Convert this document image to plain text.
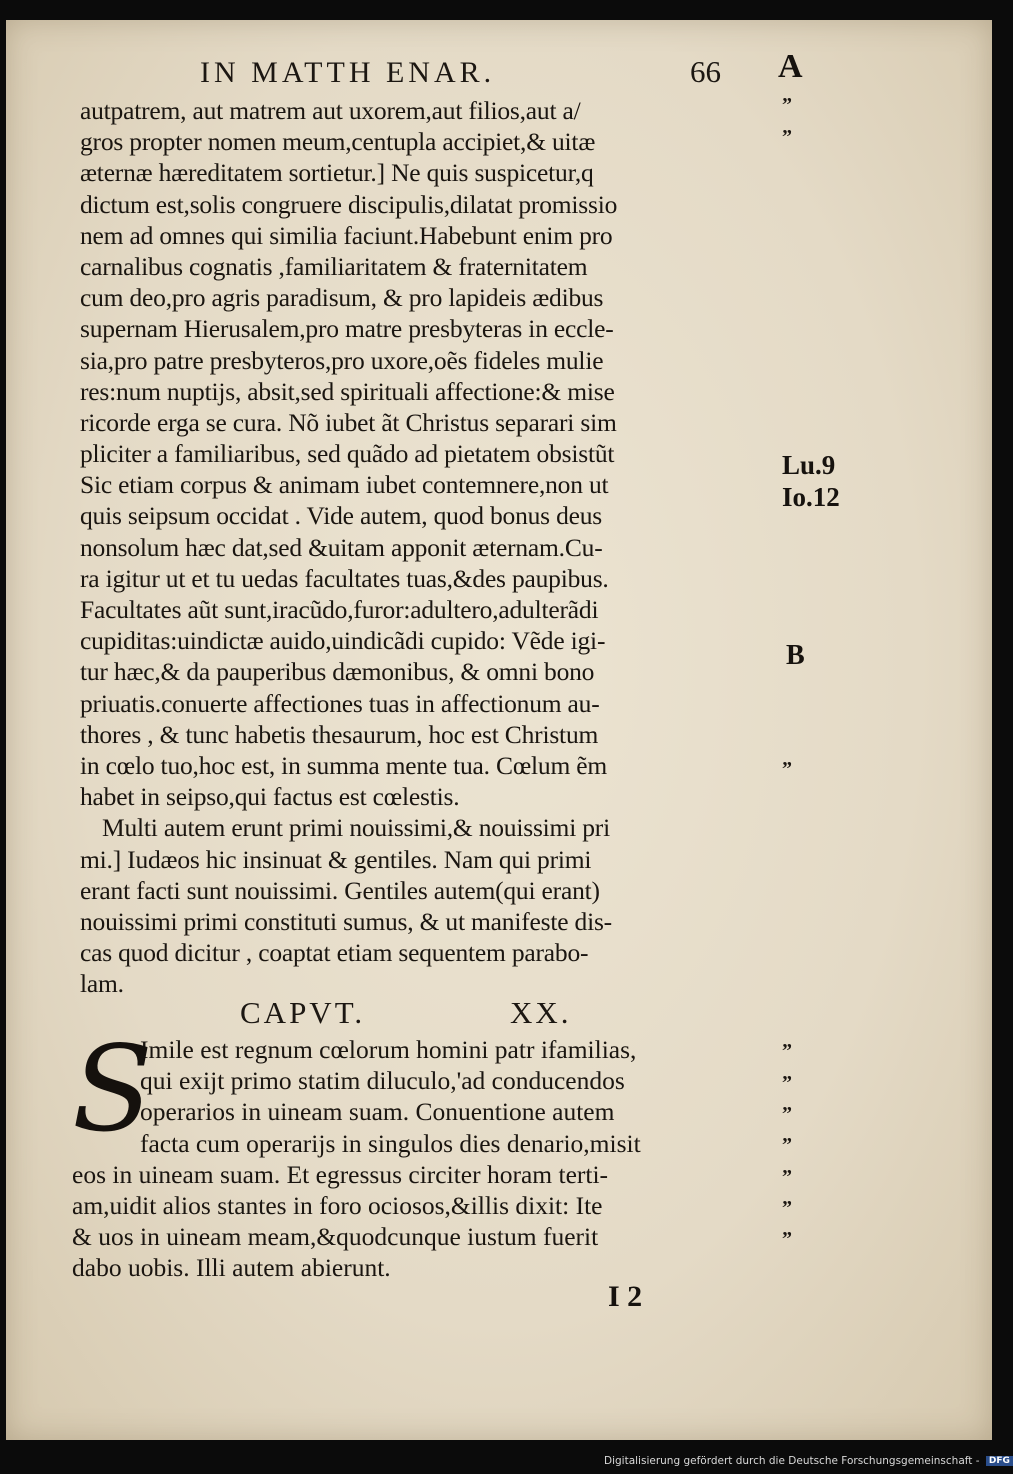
IN MATTH ENAR.	66 A
autpatrem, aut matrem aut uxorem,aut filios,aut a/
gros propter nomen meum,centupla accipiet,& uitæ
æternæ hæreditatem sortietur.] Ne quis suspicetur,q
dictum est,solis congruere discipulis,dilatat promissio
nem ad omnes qui similia faciunt.Habebunt enim pro
carnalibus cognatis ,familiaritatem & fraternitatem
cum deo,pro agris paradisum, & pro lapideis ædibus
supernam Hierusalem,pro matre presbyteras in eccle-
sia,pro patre presbyteros,pro uxore,oẽs fideles mulie
res:num nuptijs, absit,sed spirituali affectione:& mise
ricorde erga se cura. Nõ iubet ãt Christus separari sim
pliciter a familiaribus, sed quãdo ad pietatem obsistũt
Sic etiam corpus & animam iubet contemnere,non ut
quis seipsum occidat . Vide autem, quod bonus deus
nonsolum hæc dat,sed &uitam apponit æternam.Cu-
ra igitur ut et tu uedas facultates tuas,&des paupibus.
Facultates aũt sunt,iracũdo,furor:adultero,adulterãdi
cupiditas:uindictæ auido,uindicãdi cupido: Vẽde igi-
tur hæc,& da pauperibus dæmonibus, & omni bono
priuatis.conuerte affectiones tuas in affectionum au-
thores , & tunc habetis thesaurum, hoc est Christum
in cœlo tuo,hoc est, in summa mente tua. Cœlum ẽm
habet in seipso,qui factus est cœlestis.
Multi autem erunt primi nouissimi,& nouissimi pri
mi.] Iudæos hic insinuat & gentiles. Nam qui primi
erant facti sunt nouissimi. Gentiles autem(qui erant)
nouissimi primi constituti sumus, & ut manifeste dis-
cas quod dicitur , coaptat etiam sequentem parabo-
lam.
CAPVT.	XX.
S
Imile est regnum cœlorum homini patr ifamilias,
qui exijt primo statim diluculo,'ad conducendos
operarios in uineam suam. Conuentione autem
facta cum operarijs in singulos dies denario,misit
eos in uineam suam. Et egressus circiter horam terti-
am,uidit alios stantes in foro ociosos,&illis dixit: Ite
& uos in uineam meam,&quodcunque iustum fuerit
dabo uobis. Illi autem abierunt.
”
”
”
”
”
”
”
”
”
”
Lu.9
Io.12
B
I 2
Digitalisierung gefördert durch die Deutsche Forschungsgemeinschaft - DFG
